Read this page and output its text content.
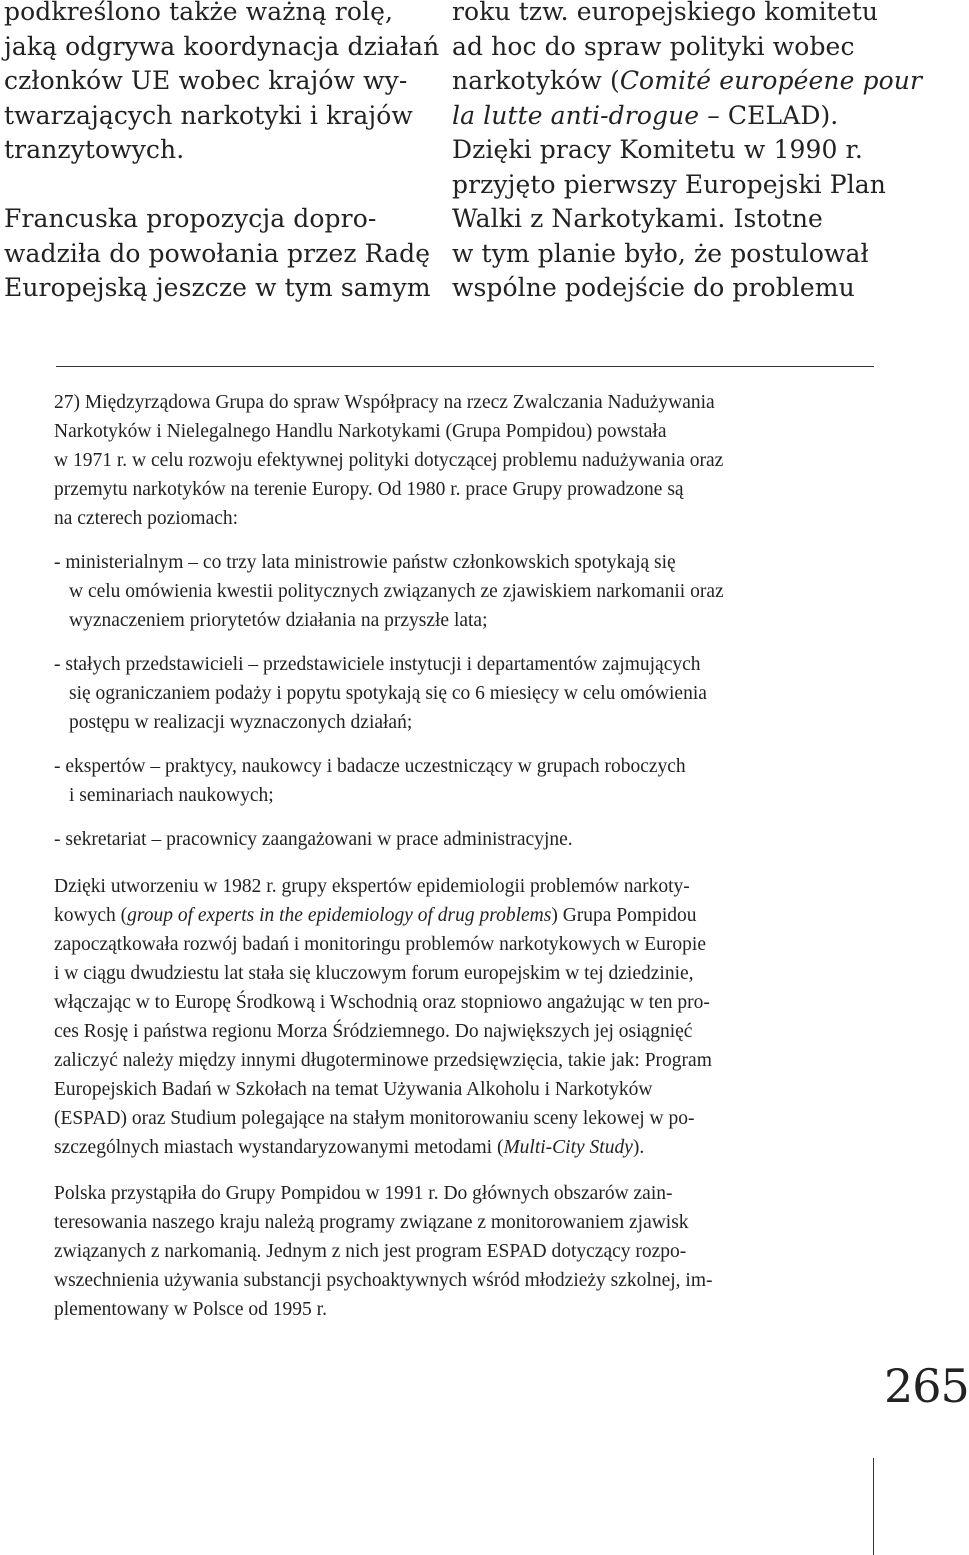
podkreślono także ważną rolę,
jaką odgrywa koordynacja działań
członków UE wobec krajów wy-
twarzających narkotyki i krajów
tranzytowych.
Francuska propozycja dopro-
wadziła do powołania przez Radę
Europejską jeszcze w tym samym
roku tzw. europejskiego komitetu
ad hoc do spraw polityki wobec
narkotyków (Comité européene pour
la lutte anti-drogue – CELAD).
Dzięki pracy Komitetu w 1990 r.
przyjęto pierwszy Europejski Plan
Walki z Narkotykami. Istotne
w tym planie było, że postulował
wspólne podejście do problemu
27) Międzyrządowa Grupa do spraw Współpracy na rzecz Zwalczania Nadużywania
Narkotyków i Nielegalnego Handlu Narkotykami (Grupa Pompidou) powstała
w 1971 r. w celu rozwoju efektywnej polityki dotyczącej problemu nadużywania oraz
przemytu narkotyków na terenie Europy. Od 1980 r. prace Grupy prowadzone są
na czterech poziomach:
- ministerialnym – co trzy lata ministrowie państw członkowskich spotykają się
w celu omówienia kwestii politycznych związanych ze zjawiskiem narkomanii oraz
wyznaczeniem priorytetów działania na przyszłe lata;
- stałych przedstawicieli – przedstawiciele instytucji i departamentów zajmujących
się ograniczaniem podaży i popytu spotykają się co 6 miesięcy w celu omówienia
postępu w realizacji wyznaczonych działań;
- ekspertów – praktycy, naukowcy i badacze uczestniczący w grupach roboczych
i seminariach naukowych;
- sekretariat – pracownicy zaangażowani w prace administracyjne.
Dzięki utworzeniu w 1982 r. grupy ekspertów epidemiologii problemów narkoty-
kowych (group of experts in the epidemiology of drug problems) Grupa Pompidou
zapoczątkowała rozwój badań i monitoringu problemów narkotykowych w Europie
i w ciągu dwudziestu lat stała się kluczowym forum europejskim w tej dziedzinie,
włączając w to Europę Środkową i Wschodnią oraz stopniowo angażując w ten pro-
ces Rosję i państwa regionu Morza Śródziemnego. Do największych jej osiągnięć
zaliczyć należy między innymi długoterminowe przedsięwzięcia, takie jak: Program
Europejskich Badań w Szkołach na temat Używania Alkoholu i Narkotyków
(ESPAD) oraz Studium polegające na stałym monitorowaniu sceny lekowej w po-
szczególnych miastach wystandaryzowanymi metodami (Multi-City Study).
Polska przystąpiła do Grupy Pompidou w 1991 r. Do głównych obszarów zain-
teresowania naszego kraju należą programy związane z monitorowaniem zjawisk
związanych z narkomanią. Jednym z nich jest program ESPAD dotyczący rozpo-
wszechnienia używania substancji psychoaktywnych wśród młodzieży szkolnej, im-
plementowany w Polsce od 1995 r.
265
